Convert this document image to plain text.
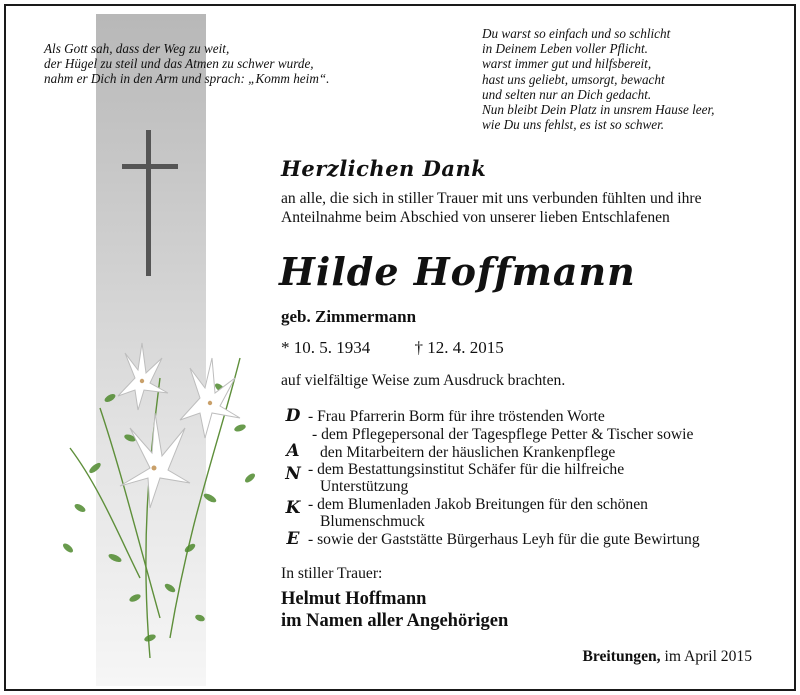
Als Gott sah, dass der Weg zu weit,
der Hügel zu steil und das Atmen zu schwer wurde,
nahm er Dich in den Arm und sprach: „Komm heim“.
Du warst so einfach und so schlicht
in Deinem Leben voller Pflicht.
warst immer gut und hilfsbereit,
hast uns geliebt, umsorgt, bewacht
und selten nur an Dich gedacht.
Nun bleibt Dein Platz in unsrem Hause leer,
wie Du uns fehlst, es ist so schwer.
Herzlichen Dank
an alle, die sich in stiller Trauer mit uns verbunden fühlten und ihre
Anteilnahme beim Abschied von unserer lieben Entschlafenen
Hilde Hoffmann
geb. Zimmermann
* 10. 5. 1934	† 12. 4. 2015
auf vielfältige Weise zum Ausdruck brachten.
D
A
N
K
E
- Frau Pfarrerin Borm für ihre tröstenden Worte
- dem Pflegepersonal der Tagespflege Petter & Tischer sowie
den Mitarbeitern der häuslichen Krankenpflege
- dem Bestattungsinstitut Schäfer für die hilfreiche
Unterstützung
- dem Blumenladen Jakob Breitungen für den schönen
Blumenschmuck
- sowie der Gaststätte Bürgerhaus Leyh für die gute Bewirtung
In stiller Trauer:
Helmut Hoffmann
im Namen aller Angehörigen
Breitungen, im April 2015
